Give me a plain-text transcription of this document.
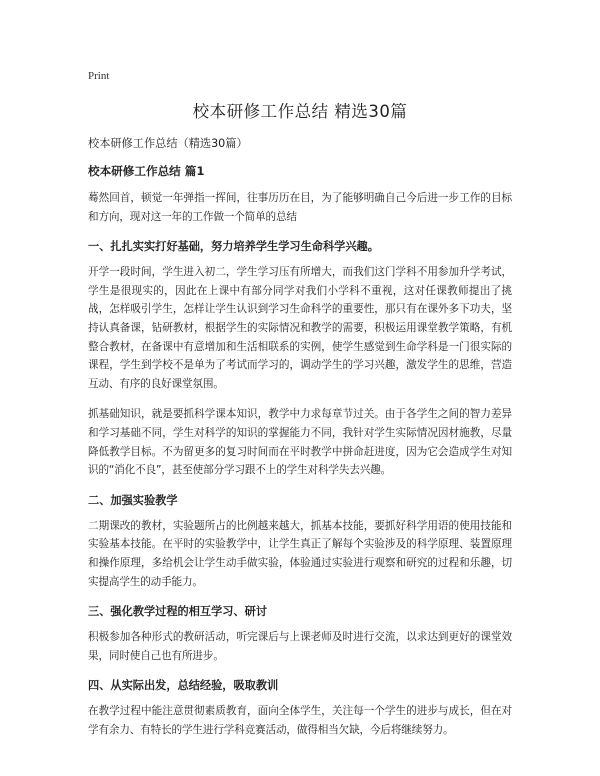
Print
校本研修工作总结 精选30篇

校本研修工作总结（精选30篇）

校本研修工作总结 篇1

蓦然回首，顿觉一年弹指一挥间，往事历历在目，为了能够明确自己今后进一步工作的目标和方向，现对这一年的工作做一个简单的总结

一、扎扎实实打好基础，努力培养学生学习生命科学兴趣。

开学一段时间，学生进入初二，学生学习压有所增大，而我们这门学科不用参加升学考试，学生是很现实的，因此在上课中有部分同学对我们小学科不重视，这对任课教师提出了挑战，怎样吸引学生，怎样让学生认识到学习生命科学的重要性，那只有在课外多下功夫，坚持认真备课，钻研教材，根据学生的实际情况和教学的需要，积极运用课堂教学策略，有机整合教材，在备课中有意增加和生活相联系的实例，使学生感觉到生命学科是一门很实际的课程，学生到学校不是单为了考试而学习的，调动学生的学习兴趣，激发学生的思维，营造互动、有序的良好课堂氛围。

抓基础知识，就是要抓科学课本知识，教学中力求每章节过关。由于各学生之间的智力差异和学习基础不同，学生对科学的知识的掌握能力不同，我针对学生实际情况因材施教，尽量降低教学目标。不为留更多的复习时间而在平时教学中拼命赶进度，因为它会造成学生对知识的“消化不良”，甚至使部分学习跟不上的学生对科学失去兴趣。

二、加强实验教学

二期课改的教材，实验题所占的比例越来越大，抓基本技能，要抓好科学用语的使用技能和实验基本技能。在平时的实验教学中，让学生真正了解每个实验涉及的科学原理、装置原理和操作原理，多给机会让学生动手做实验，体验通过实验进行观察和研究的过程和乐趣，切实提高学生的动手能力。

三、强化教学过程的相互学习、研讨

积极参加各种形式的教研活动，听完课后与上课老师及时进行交流，以求达到更好的课堂效果，同时使自己也有所进步。

四、从实际出发，总结经验，吸取教训

在教学过程中能注意贯彻素质教育，面向全体学生，关注每一个学生的进步与成长，但在对学有余力、有特长的学生进行学科竞赛活动，做得相当欠缺，今后将继续努力。
